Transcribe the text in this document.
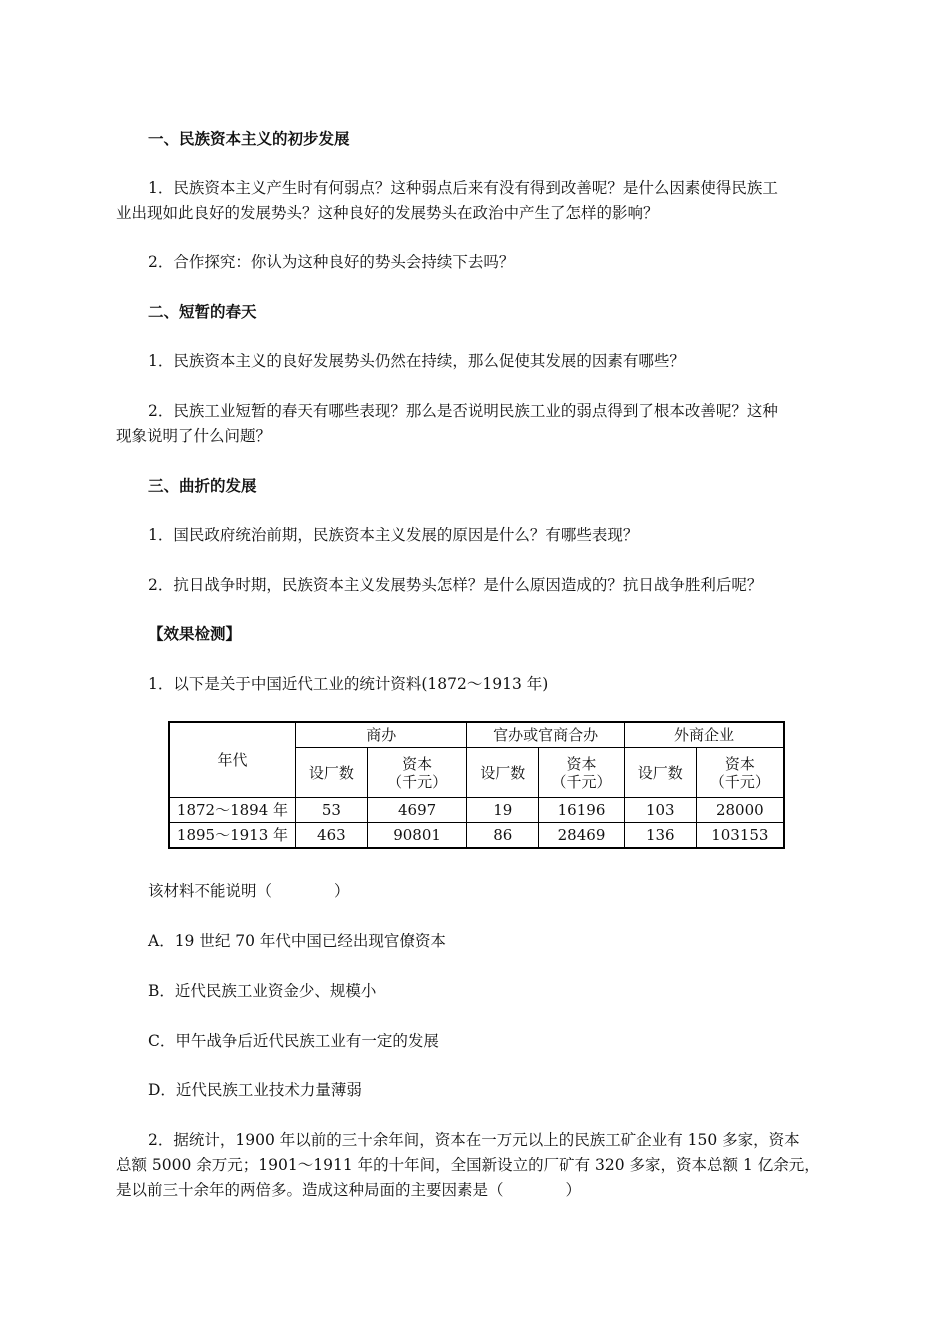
一、民族资本主义的初步发展
1．民族资本主义产生时有何弱点？这种弱点后来有没有得到改善呢？是什么因素使得民族工
业出现如此良好的发展势头？这种良好的发展势头在政治中产生了怎样的影响？
2．合作探究：你认为这种良好的势头会持续下去吗？
二、短暂的春天
1．民族资本主义的良好发展势头仍然在持续，那么促使其发展的因素有哪些？
2．民族工业短暂的春天有哪些表现？那么是否说明民族工业的弱点得到了根本改善呢？这种
现象说明了什么问题？
三、曲折的发展
1．国民政府统治前期，民族资本主义发展的原因是什么？有哪些表现？
2．抗日战争时期，民族资本主义发展势头怎样？是什么原因造成的？抗日战争胜利后呢？
【效果检测】
1．以下是关于中国近代工业的统计资料(1872～1913 年)
年代	商办		官办或官商合办		外商企业	
	设厂数	资本
（千元）	设厂数	资本
（千元）	设厂数	资本
（千元）
1872～1894 年	53	4697	19	16196	103	28000
1895～1913 年	463	90801	86	28469	136	103153
该材料不能说明（　　　　）
A．19 世纪 70 年代中国已经出现官僚资本
B．近代民族工业资金少、规模小
C．甲午战争后近代民族工业有一定的发展
D．近代民族工业技术力量薄弱
2．据统计，1900 年以前的三十余年间，资本在一万元以上的民族工矿企业有 150 多家，资本
总额 5000 余万元；1901～1911 年的十年间，全国新设立的厂矿有 320 多家，资本总额 1 亿余元，
是以前三十余年的两倍多。造成这种局面的主要因素是（　　　　）
